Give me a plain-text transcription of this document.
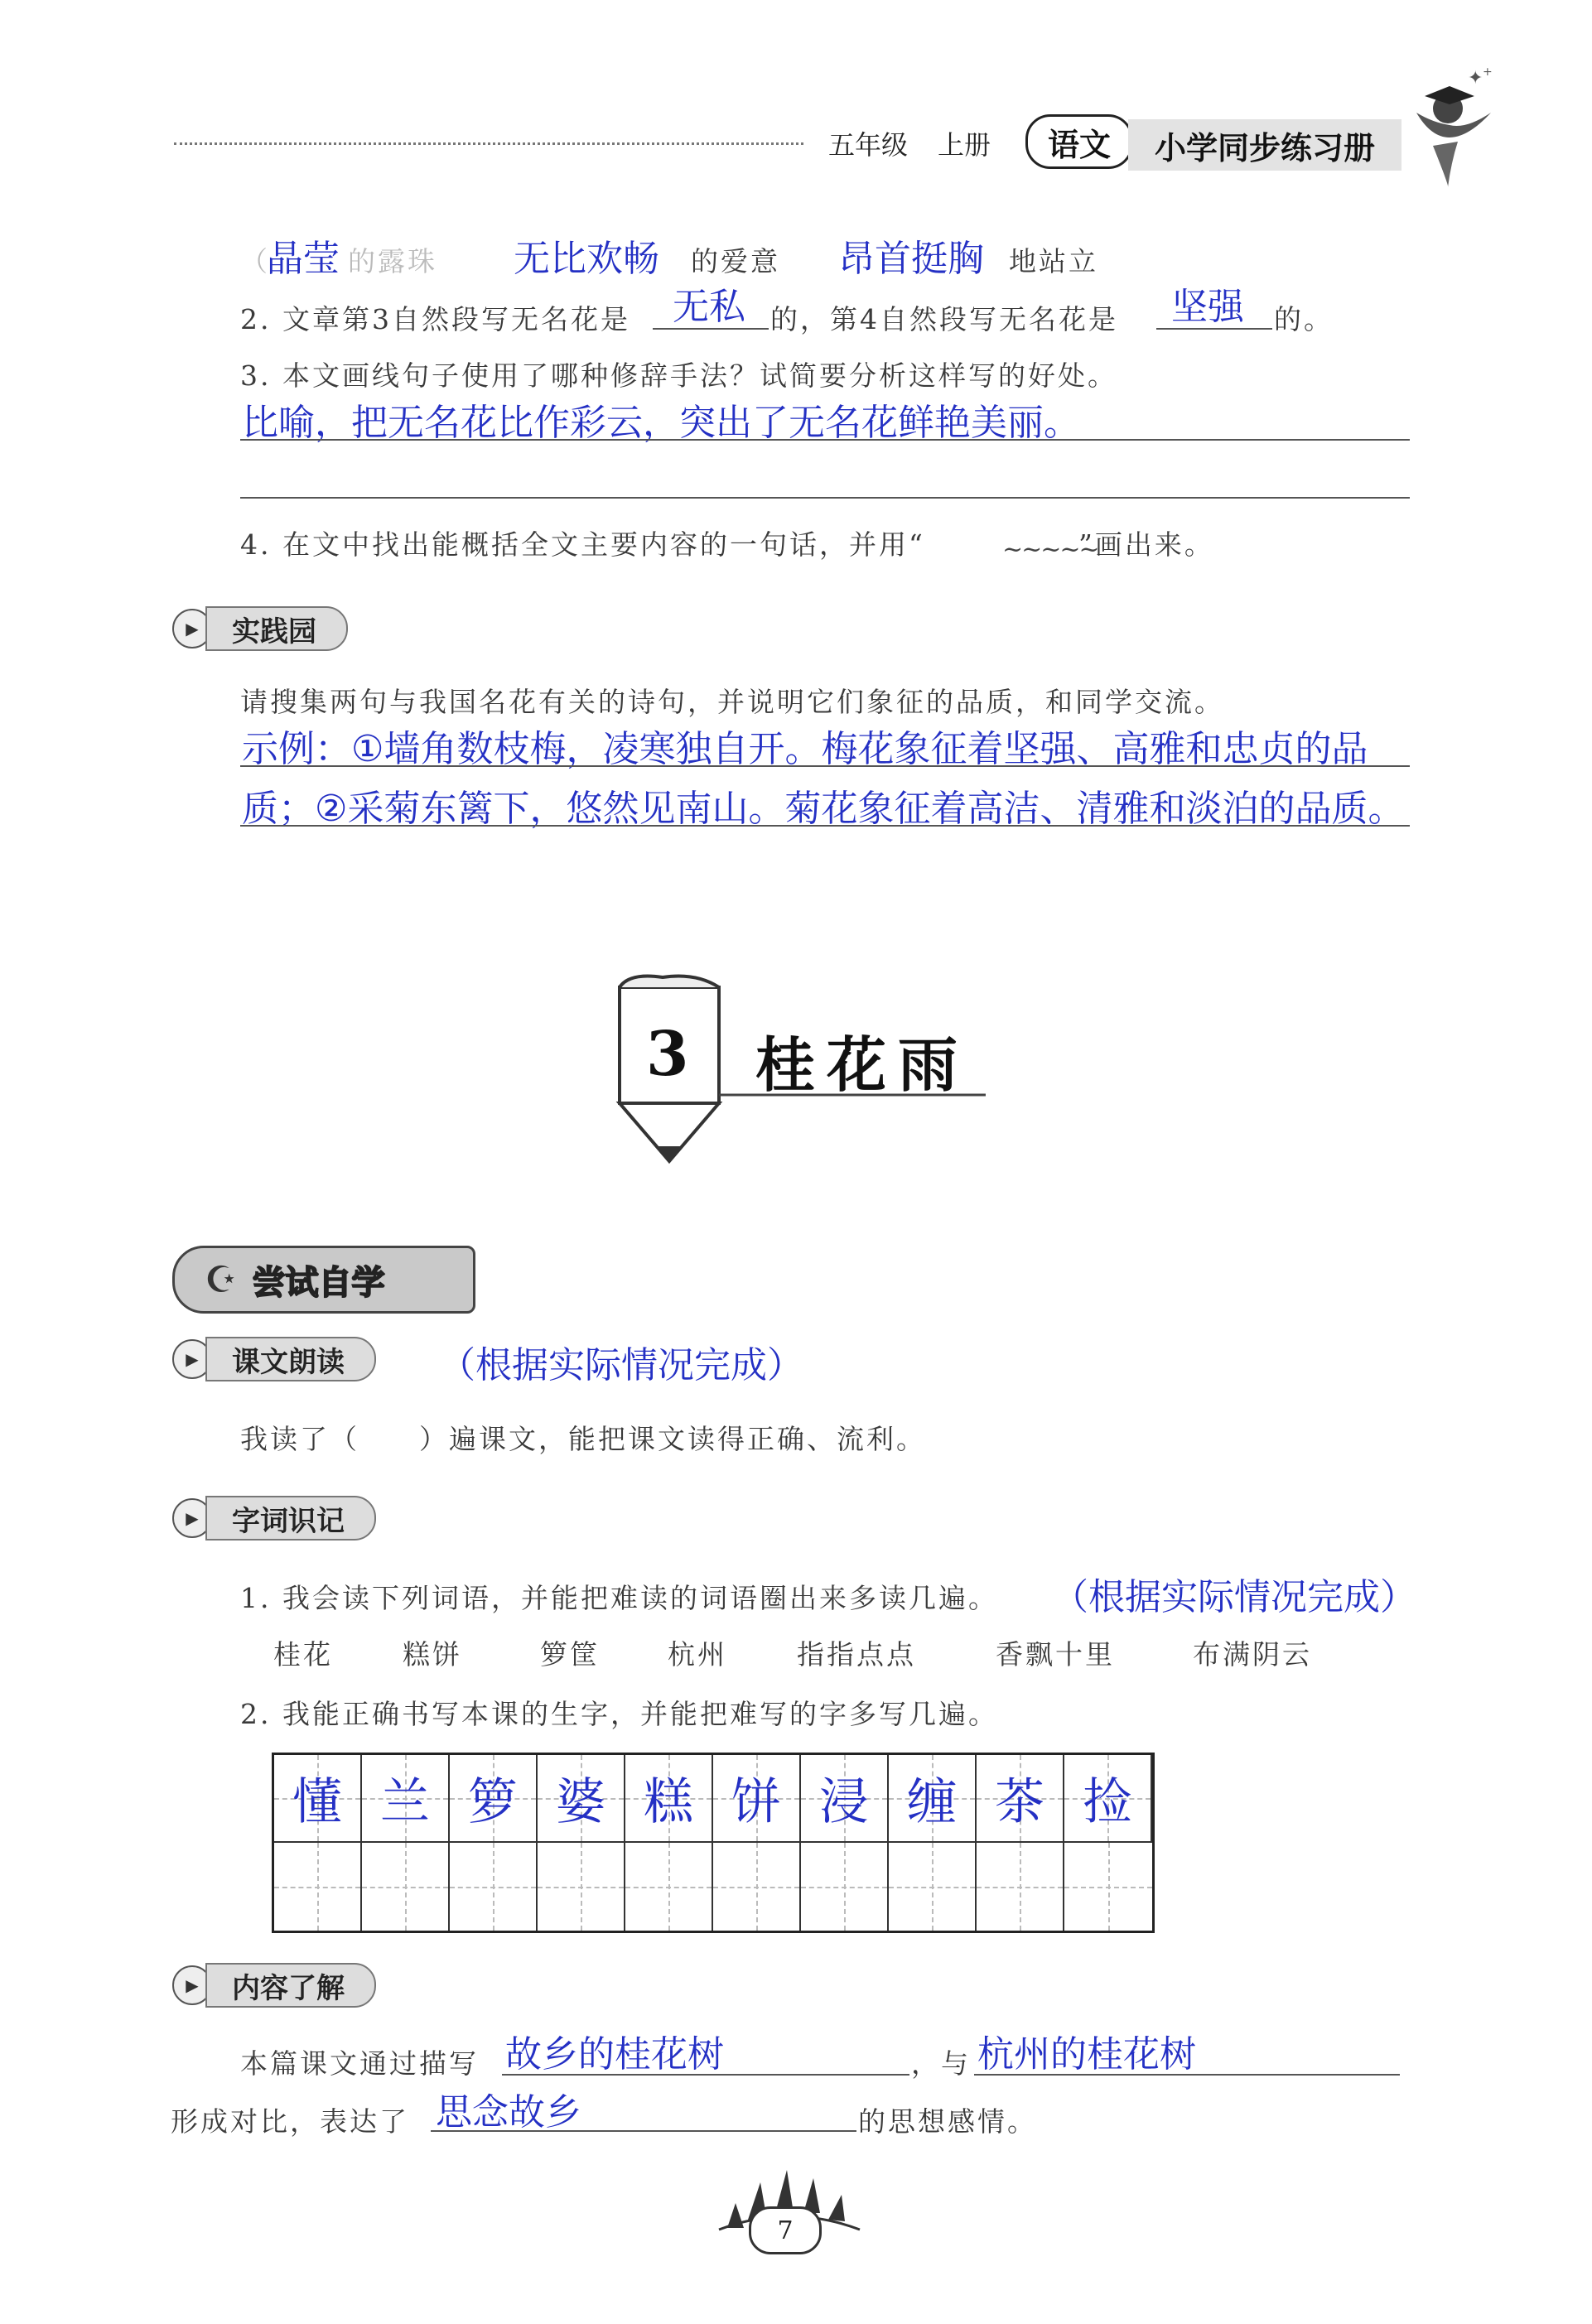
五年级 上册 语文 小学同步练习册
✦ +
（
晶莹 的露珠 无比欢畅 的爱意 昂首挺胸 地站立
2. 文章第3自然段写无名花是 无私 的，第4自然段写无名花是 坚强 的。
3. 本文画线句子使用了哪种修辞手法？试简要分析这样写的好处。
比喻，把无名花比作彩云，突出了无名花鲜艳美丽。
4. 在文中找出能概括全文主要内容的一句话，并用“	~~~~~
”画出来。
▶	实践园
请搜集两句与我国名花有关的诗句，并说明它们象征的品质，和同学交流。
示例：①墙角数枝梅，凌寒独自开。梅花象征着坚强、高雅和忠贞的品
质；②采菊东篱下，悠然见南山。菊花象征着高洁、清雅和淡泊的品质。
3 桂花雨
☪ 尝试自学
▶	课文朗读	（根据实际情况完成）
我读了（　　）遍课文，能把课文读得正确、流利。
▶	字词识记
1. 我会读下列词语，并能把难读的词语圈出来多读几遍。 （根据实际情况完成）
桂花	糕饼	箩筐 杭州	指指点点	香飘十里	布满阴云
2. 我能正确书写本课的生字，并能把难写的字多写几遍。
懂 兰 箩 婆 糕 饼 浸 缠 茶 捡
▶	内容了解
本篇课文通过描写 故乡的桂花树	，与 杭州的桂花树
形成对比，表达了 思念故乡	的思想感情。
7
